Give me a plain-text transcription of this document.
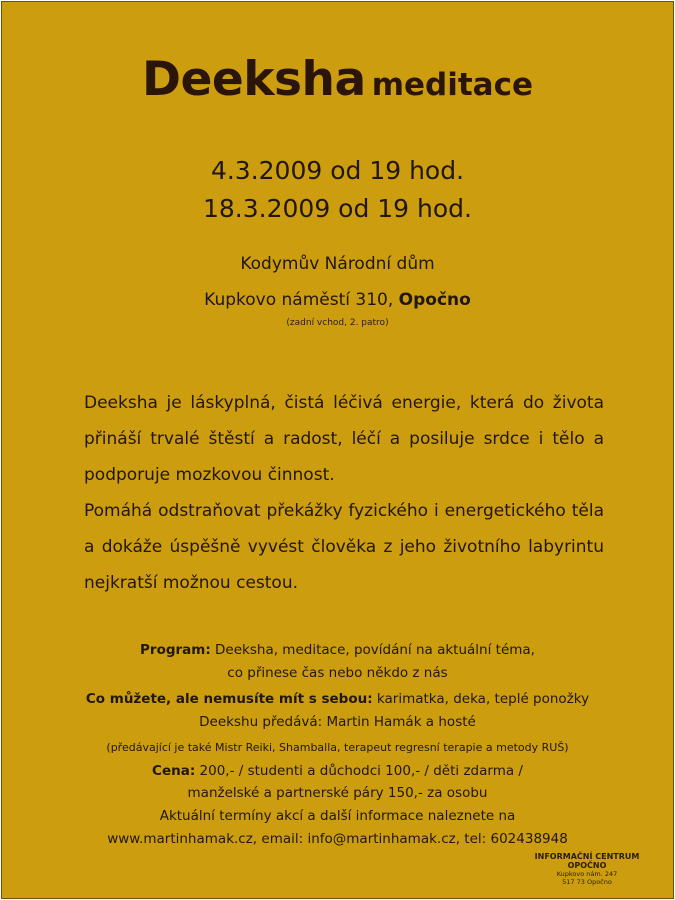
Deeksha meditace
4.3.2009 od 19 hod.
18.3.2009 od 19 hod.
Kodymův Národní dům
Kupkovo náměstí 310, Opočno
(zadní vchod, 2. patro)

Deeksha je láskyplná, čistá léčivá energie, která do života přináší trvalé štěstí a radost, léčí a posiluje srdce i tělo a podporuje mozkovou činnost.

Pomáhá odstraňovat překážky fyzického i energetického těla a dokáže úspěšně vyvést člověka z jeho životního labyrintu nejkratší možnou cestou.

Program: Deeksha, meditace, povídání na aktuální téma,
co přinese čas nebo někdo z nás
Co můžete, ale nemusíte mít s sebou: karimatka, deka, teplé ponožky
Deekshu předává: Martin Hamák a hosté
(předávající je také Mistr Reiki, Shamballa, terapeut regresní terapie a metody RUŠ)
Cena: 200,- / studenti a důchodci 100,- / děti zdarma /
manželské a partnerské páry 150,- za osobu
Aktuální termíny akcí a další informace naleznete na
www.martinhamak.cz, email: info@martinhamak.cz, tel: 602438948
INFORMAČNÍ CENTRUM
OPOČNO
Kupkovo nám. 247
517 73 Opočno
